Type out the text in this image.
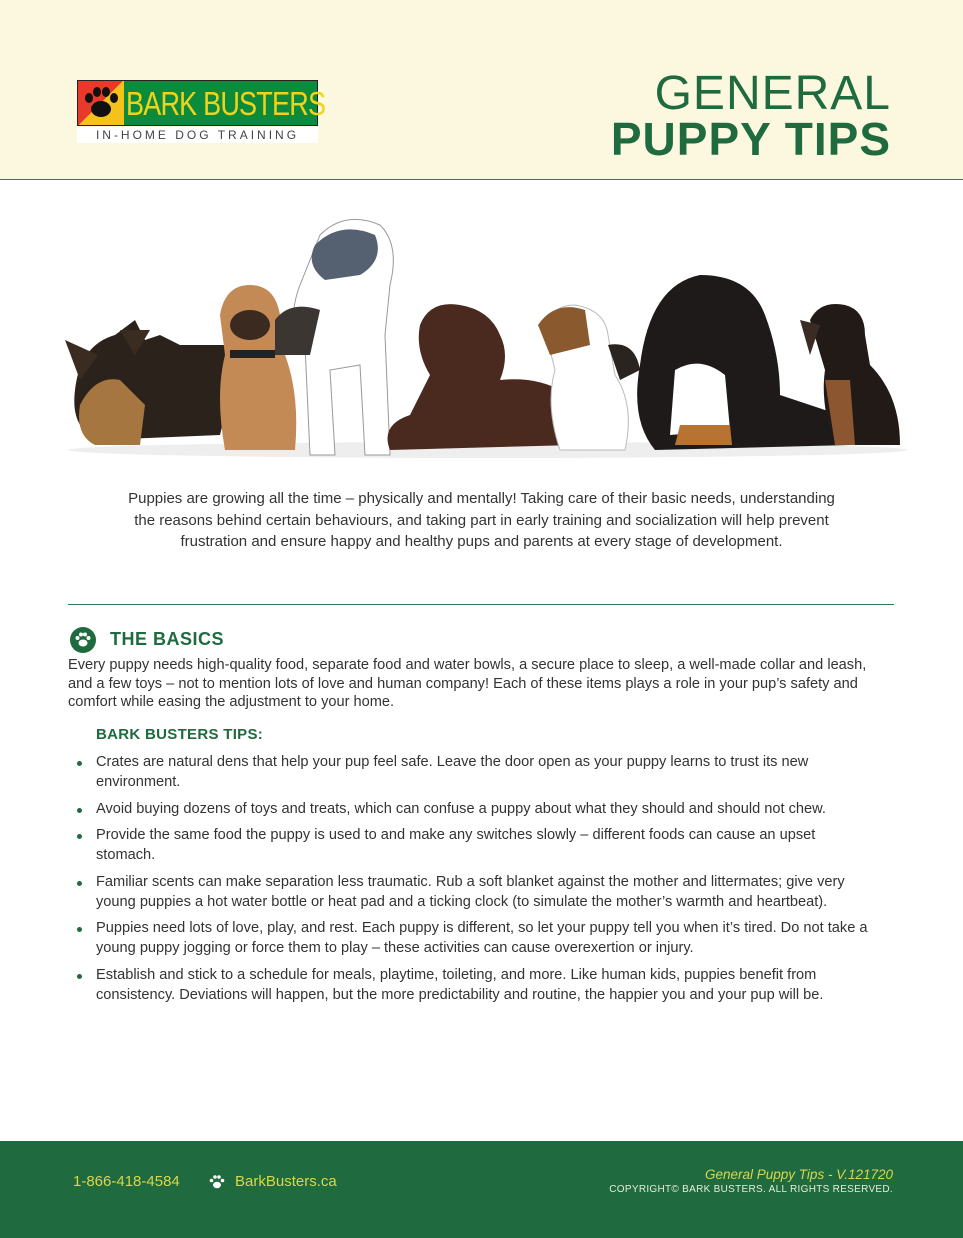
BARK BUSTERS
IN-HOME DOG TRAINING
GENERAL
PUPPY TIPS

Puppies are growing all the time – physically and mentally! Taking care of their basic needs, understanding the reasons behind certain behaviours, and taking part in early training and socialization will help prevent frustration and ensure happy and healthy pups and parents at every stage of development.

THE BASICS

Every puppy needs high-quality food, separate food and water bowls, a secure place to sleep, a well-made collar and leash, and a few toys – not to mention lots of love and human company! Each of these items plays a role in your pup’s safety and comfort while easing the adjustment to your home.

BARK BUSTERS TIPS:
Crates are natural dens that help your pup feel safe. Leave the door open as your puppy learns to trust its new environment.
Avoid buying dozens of toys and treats, which can confuse a puppy about what they should and should not chew.
Provide the same food the puppy is used to and make any switches slowly – different foods can cause an upset stomach.
Familiar scents can make separation less traumatic. Rub a soft blanket against the mother and littermates; give very young puppies a hot water bottle or heat pad and a ticking clock (to simulate the mother’s warmth and heartbeat).
Puppies need lots of love, play, and rest. Each puppy is different, so let your puppy tell you when it’s tired. Do not take a young puppy jogging or force them to play – these activities can cause overexertion or injury.
Establish and stick to a schedule for meals, playtime, toileting, and more. Like human kids, puppies benefit from consistency. Deviations will happen, but the more predictability and routine, the happier you and your pup will be.
1-866-418-4584	BarkBusters.ca	General Puppy Tips - V.121720
COPYRIGHT© BARK BUSTERS. ALL RIGHTS RESERVED.
